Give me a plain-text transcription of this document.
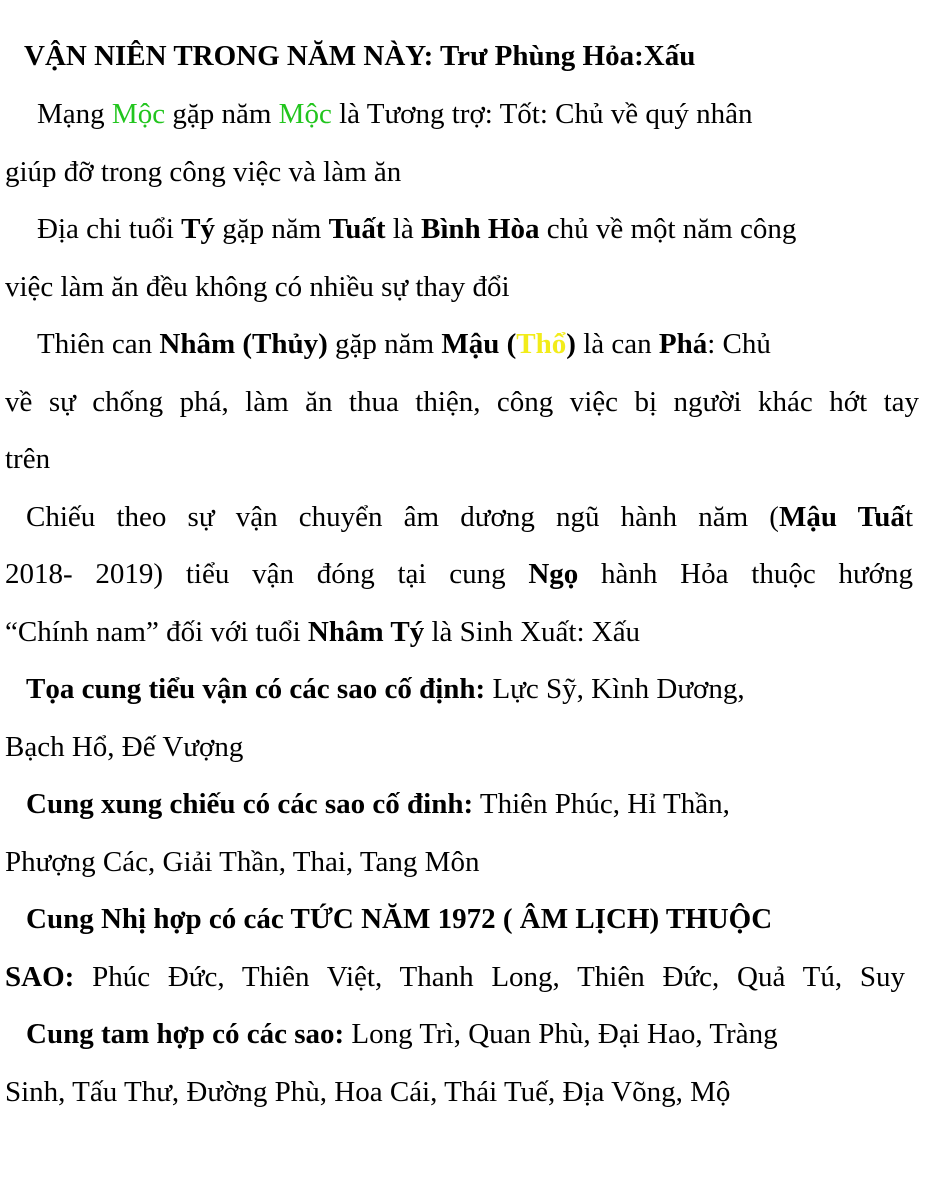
VẬN NIÊN TRONG NĂM NÀY: Trư Phùng Hỏa:Xấu
Mạng Mộc gặp năm Mộc là Tương trợ: Tốt: Chủ về quý nhân
giúp đỡ trong công việc và làm ăn
Địa chi tuổi Tý gặp năm Tuất là Bình Hòa chủ về một năm công
việc làm ăn đều không có nhiều sự thay đổi
Thiên can Nhâm (Thủy) gặp năm Mậu (Thổ) là can Phá: Chủ
về sự chống phá, làm ăn thua thiện, công việc bị người khác hớt tay
trên
Chiếu theo sự vận chuyển âm dương ngũ hành năm (Mậu Tuất
2018- 2019) tiểu vận đóng tại cung Ngọ hành Hỏa thuộc hướng
“Chính nam” đối với tuổi Nhâm Tý là Sinh Xuất: Xấu
Tọa cung tiểu vận có các sao cố định: Lực Sỹ, Kình Dương,
Bạch Hổ, Đế Vượng
Cung xung chiếu có các sao cố đinh: Thiên Phúc, Hỉ Thần,
Phượng Các, Giải Thần, Thai, Tang Môn
Cung Nhị hợp có các TỨC NĂM 1972 ( ÂM LỊCH) THUỘC
SAO: Phúc Đức, Thiên Việt, Thanh Long, Thiên Đức, Quả Tú, Suy
Cung tam hợp có các sao: Long Trì, Quan Phù, Đại Hao, Tràng
Sinh, Tấu Thư, Đường Phù, Hoa Cái, Thái Tuế, Địa Võng, Mộ
